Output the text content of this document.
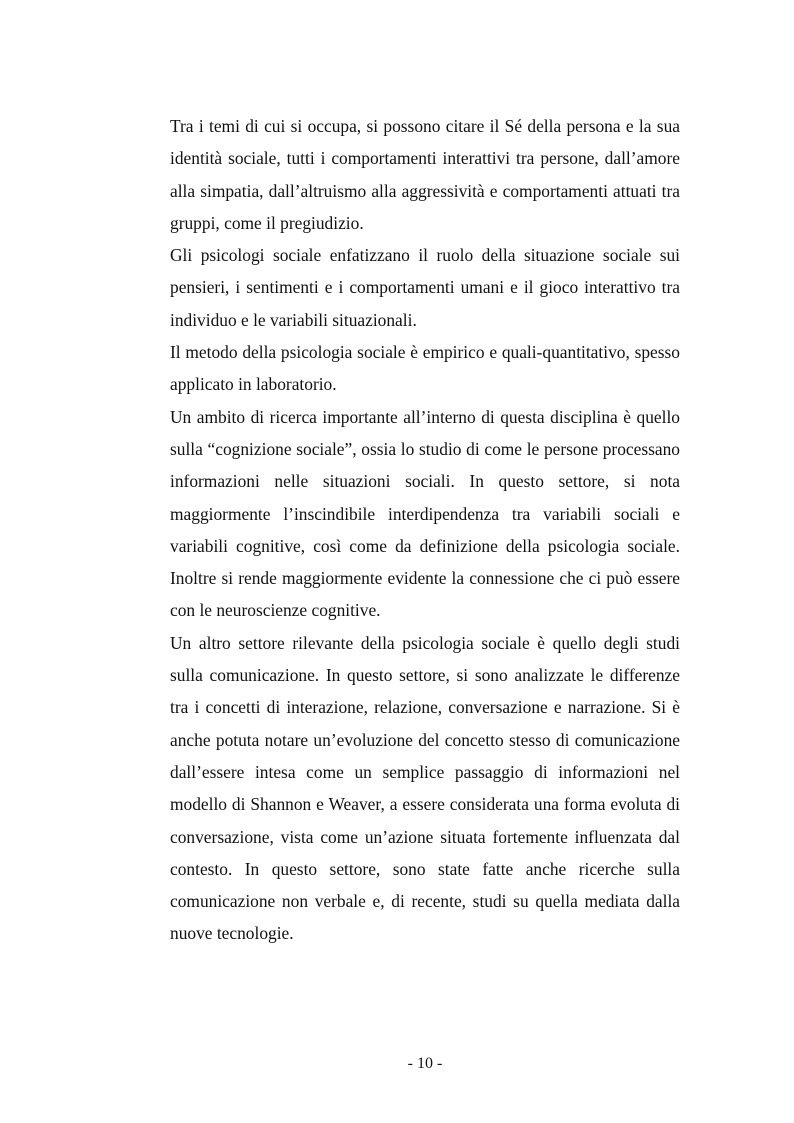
Tra i temi di cui si occupa, si possono citare il Sé della persona e la sua identità sociale, tutti i comportamenti interattivi tra persone, dall’amore alla simpatia, dall’altruismo alla aggressività e comportamenti attuati tra gruppi, come il pregiudizio.

Gli psicologi sociale enfatizzano il ruolo della situazione sociale sui pensieri, i sentimenti e i comportamenti umani e il gioco interattivo tra individuo e le variabili situazionali.

Il metodo della psicologia sociale è empirico e quali-quantitativo, spesso applicato in laboratorio.

Un ambito di ricerca importante all’interno di questa disciplina è quello sulla “cognizione sociale”, ossia lo studio di come le persone processano informazioni nelle situazioni sociali. In questo settore, si nota maggiormente l’inscindibile interdipendenza tra variabili sociali e variabili cognitive, così come da definizione della psicologia sociale. Inoltre si rende maggiormente evidente la connessione che ci può essere con le neuroscienze cognitive.

Un altro settore rilevante della psicologia sociale è quello degli studi sulla comunicazione. In questo settore, si sono analizzate le differenze tra i concetti di interazione, relazione, conversazione e narrazione. Si è anche potuta notare un’evoluzione del concetto stesso di comunicazione dall’essere intesa come un semplice passaggio di informazioni nel modello di Shannon e Weaver, a essere considerata una forma evoluta di conversazione, vista come un’azione situata fortemente influenzata dal contesto. In questo settore, sono state fatte anche ricerche sulla comunicazione non verbale e, di recente, studi su quella mediata dalla nuove tecnologie.

- 10 -
